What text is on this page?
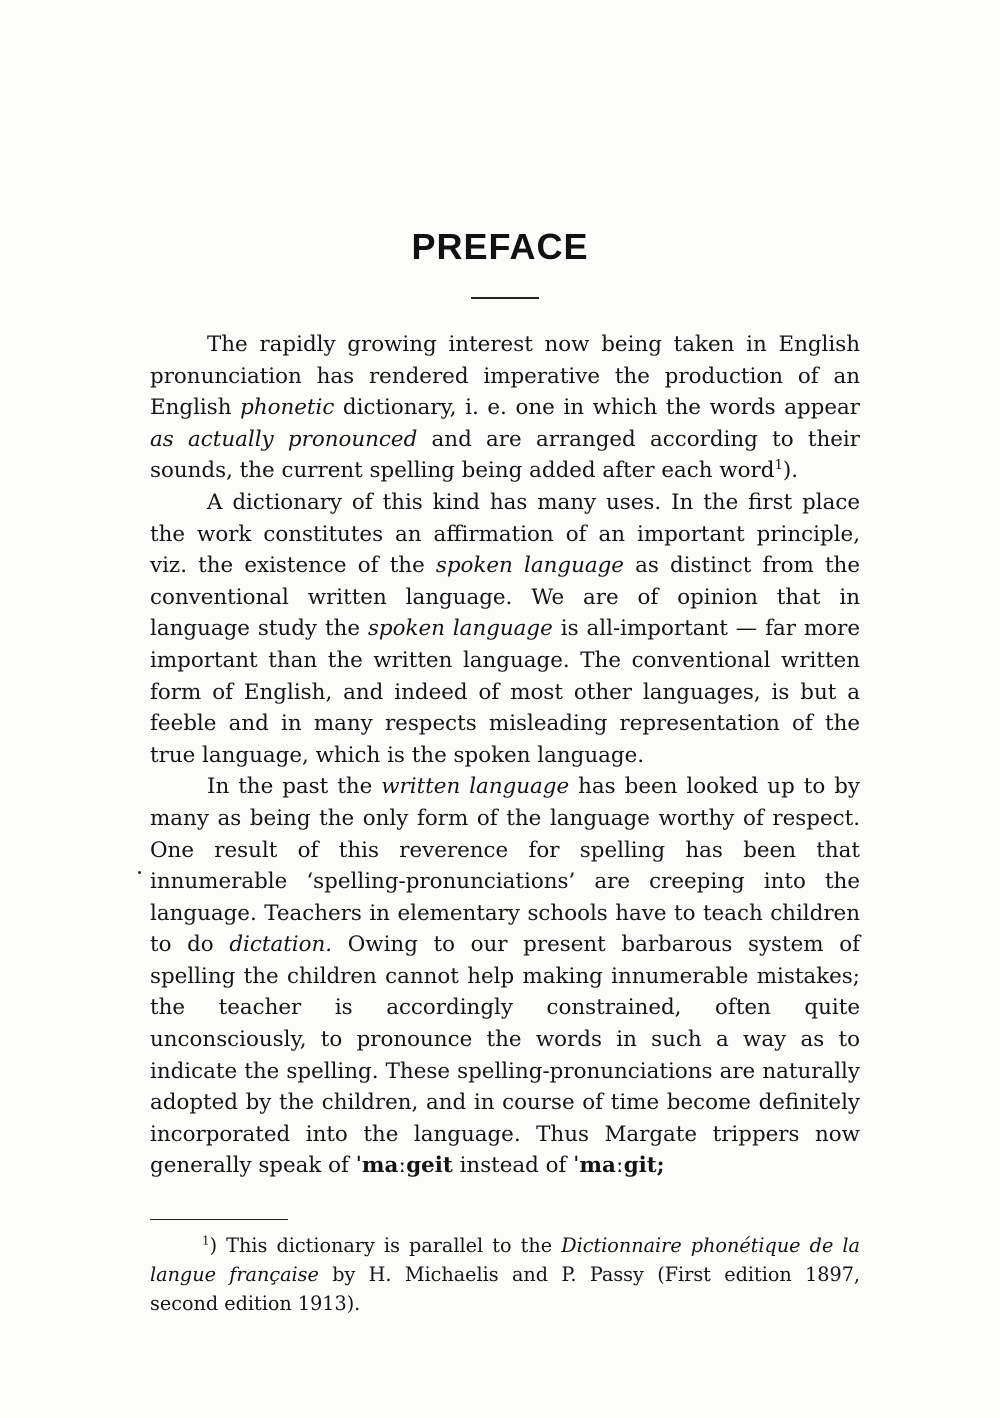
PREFACE

The rapidly growing interest now being taken in English pronunciation has rendered imperative the production of an English phonetic dictionary, i. e. one in which the words appear as actually pronounced and are arranged according to their sounds, the current spelling being added after each word$^1$).

A dictionary of this kind has many uses. In the first place the work constitutes an affirmation of an important principle, viz. the existence of the spoken language as distinct from the conventional written language. We are of opinion that in language study the spoken language is all-important — far more important than the written language. The conventional written form of English, and indeed of most other languages, is but a feeble and in many respects misleading representation of the true language, which is the spoken language.

In the past the written language has been looked up to by many as being the only form of the language worthy of respect. One result of this reverence for spelling has been that innumerable ‘spelling-pronunciations’ are creeping into the language. Teachers in elementary schools have to teach children to do dictation. Owing to our present barbarous system of spelling the children cannot help making innumerable mistakes; the teacher is accordingly constrained, often quite unconsciously, to pronounce the words in such a way as to indicate the spelling. These spelling-pronunciations are naturally adopted by the children, and in course of time become definitely incorporated into the language. Thus Margate trippers now generally speak of ˈmaːgeit instead of ˈmaːgit;

$^1$) This dictionary is parallel to the Dictionnaire phonétique de la langue française by H. Michaelis and P. Passy (First edition 1897, second edition 1913).
